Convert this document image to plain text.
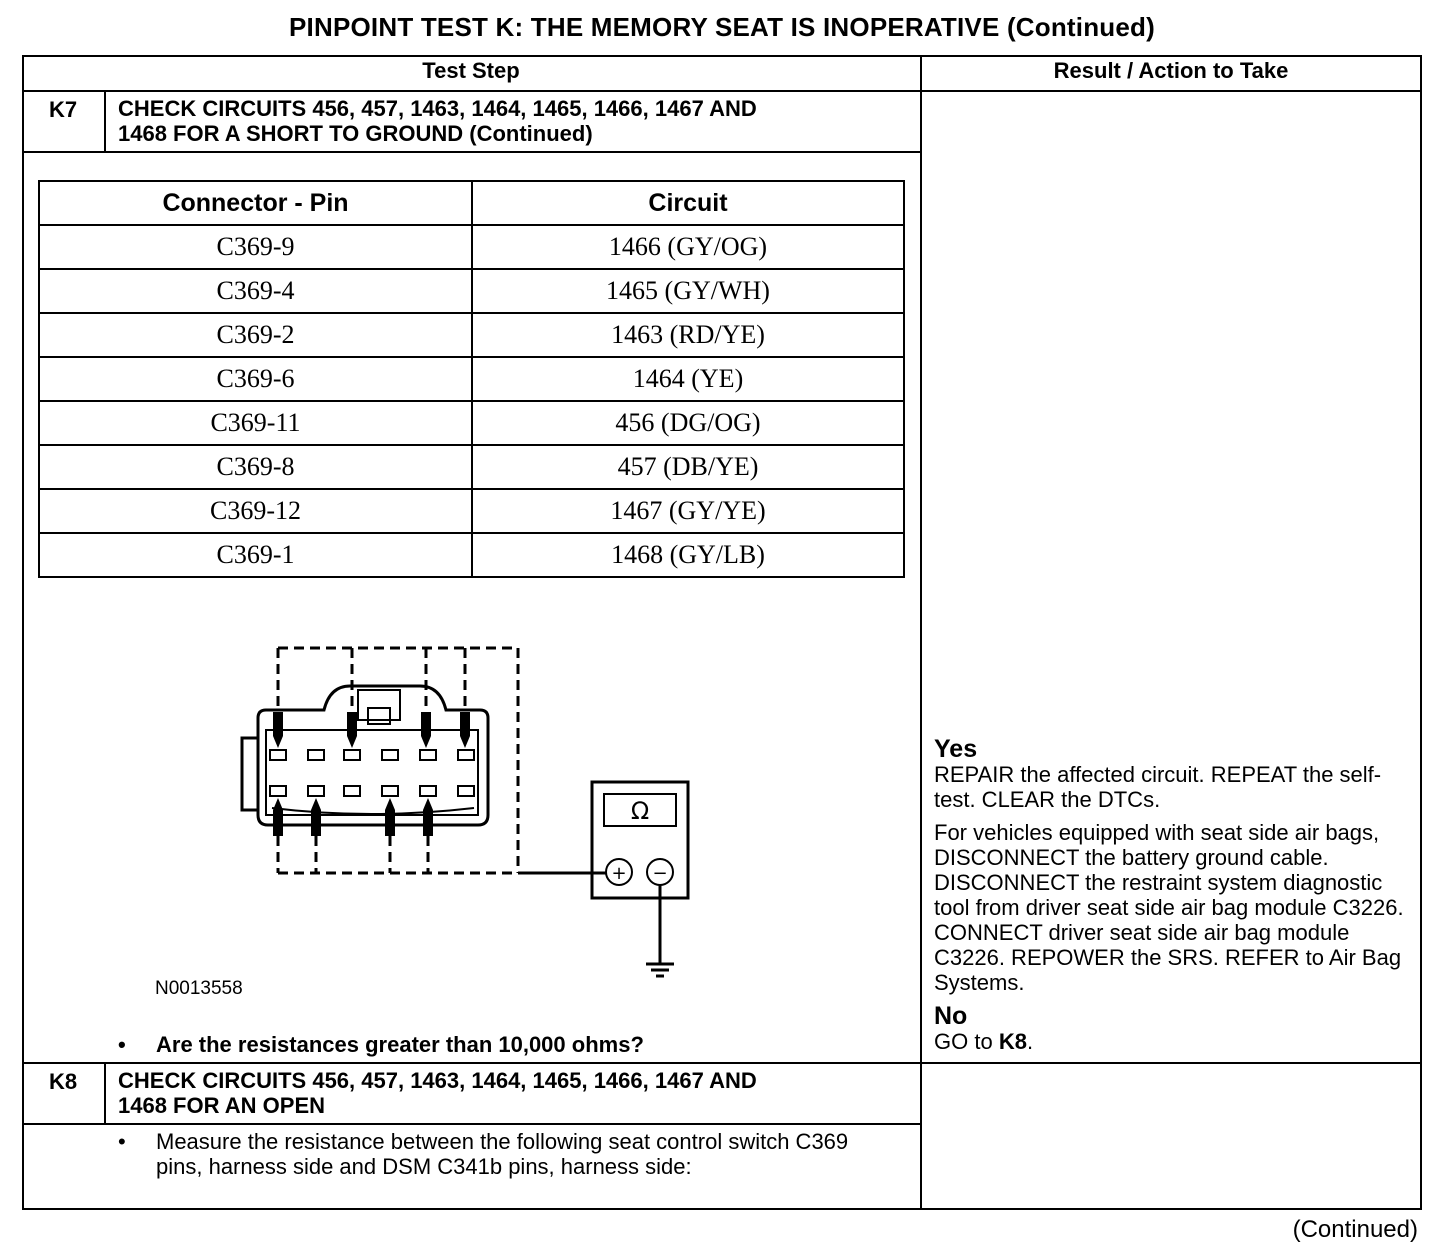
PINPOINT TEST K: THE MEMORY SEAT IS INOPERATIVE (Continued)
Test Step	Result / Action to Take
K7	CHECK CIRCUITS 456, 457, 1463, 1464, 1465, 1466, 1467 AND
1468 FOR A SHORT TO GROUND (Continued)
Connector - Pin	Circuit
C369-9	1466 (GY/OG)
C369-4	1465 (GY/WH)
C369-2	1463 (RD/YE)
C369-6	1464 (YE)
C369-11	456 (DG/OG)
C369-8	457 (DB/YE)
C369-12	1467 (GY/YE)
C369-1	1468 (GY/LB)
Ω
+ −
N0013558
• Are the resistances greater than 10,000 ohms?
Yes

REPAIR the affected circuit. REPEAT the self-test. CLEAR the DTCs.

For vehicles equipped with seat side air bags, DISCONNECT the battery ground cable. DISCONNECT the restraint system diagnostic tool from driver seat side air bag module C3226. CONNECT driver seat side air bag module C3226. REPOWER the SRS. REFER to Air Bag Systems.

No

GO to K8.

K8	CHECK CIRCUITS 456, 457, 1463, 1464, 1465, 1466, 1467 AND
1468 FOR AN OPEN
• Measure the resistance between the following seat control switch C369 pins, harness side and DSM C341b pins, harness side:
(Continued)
